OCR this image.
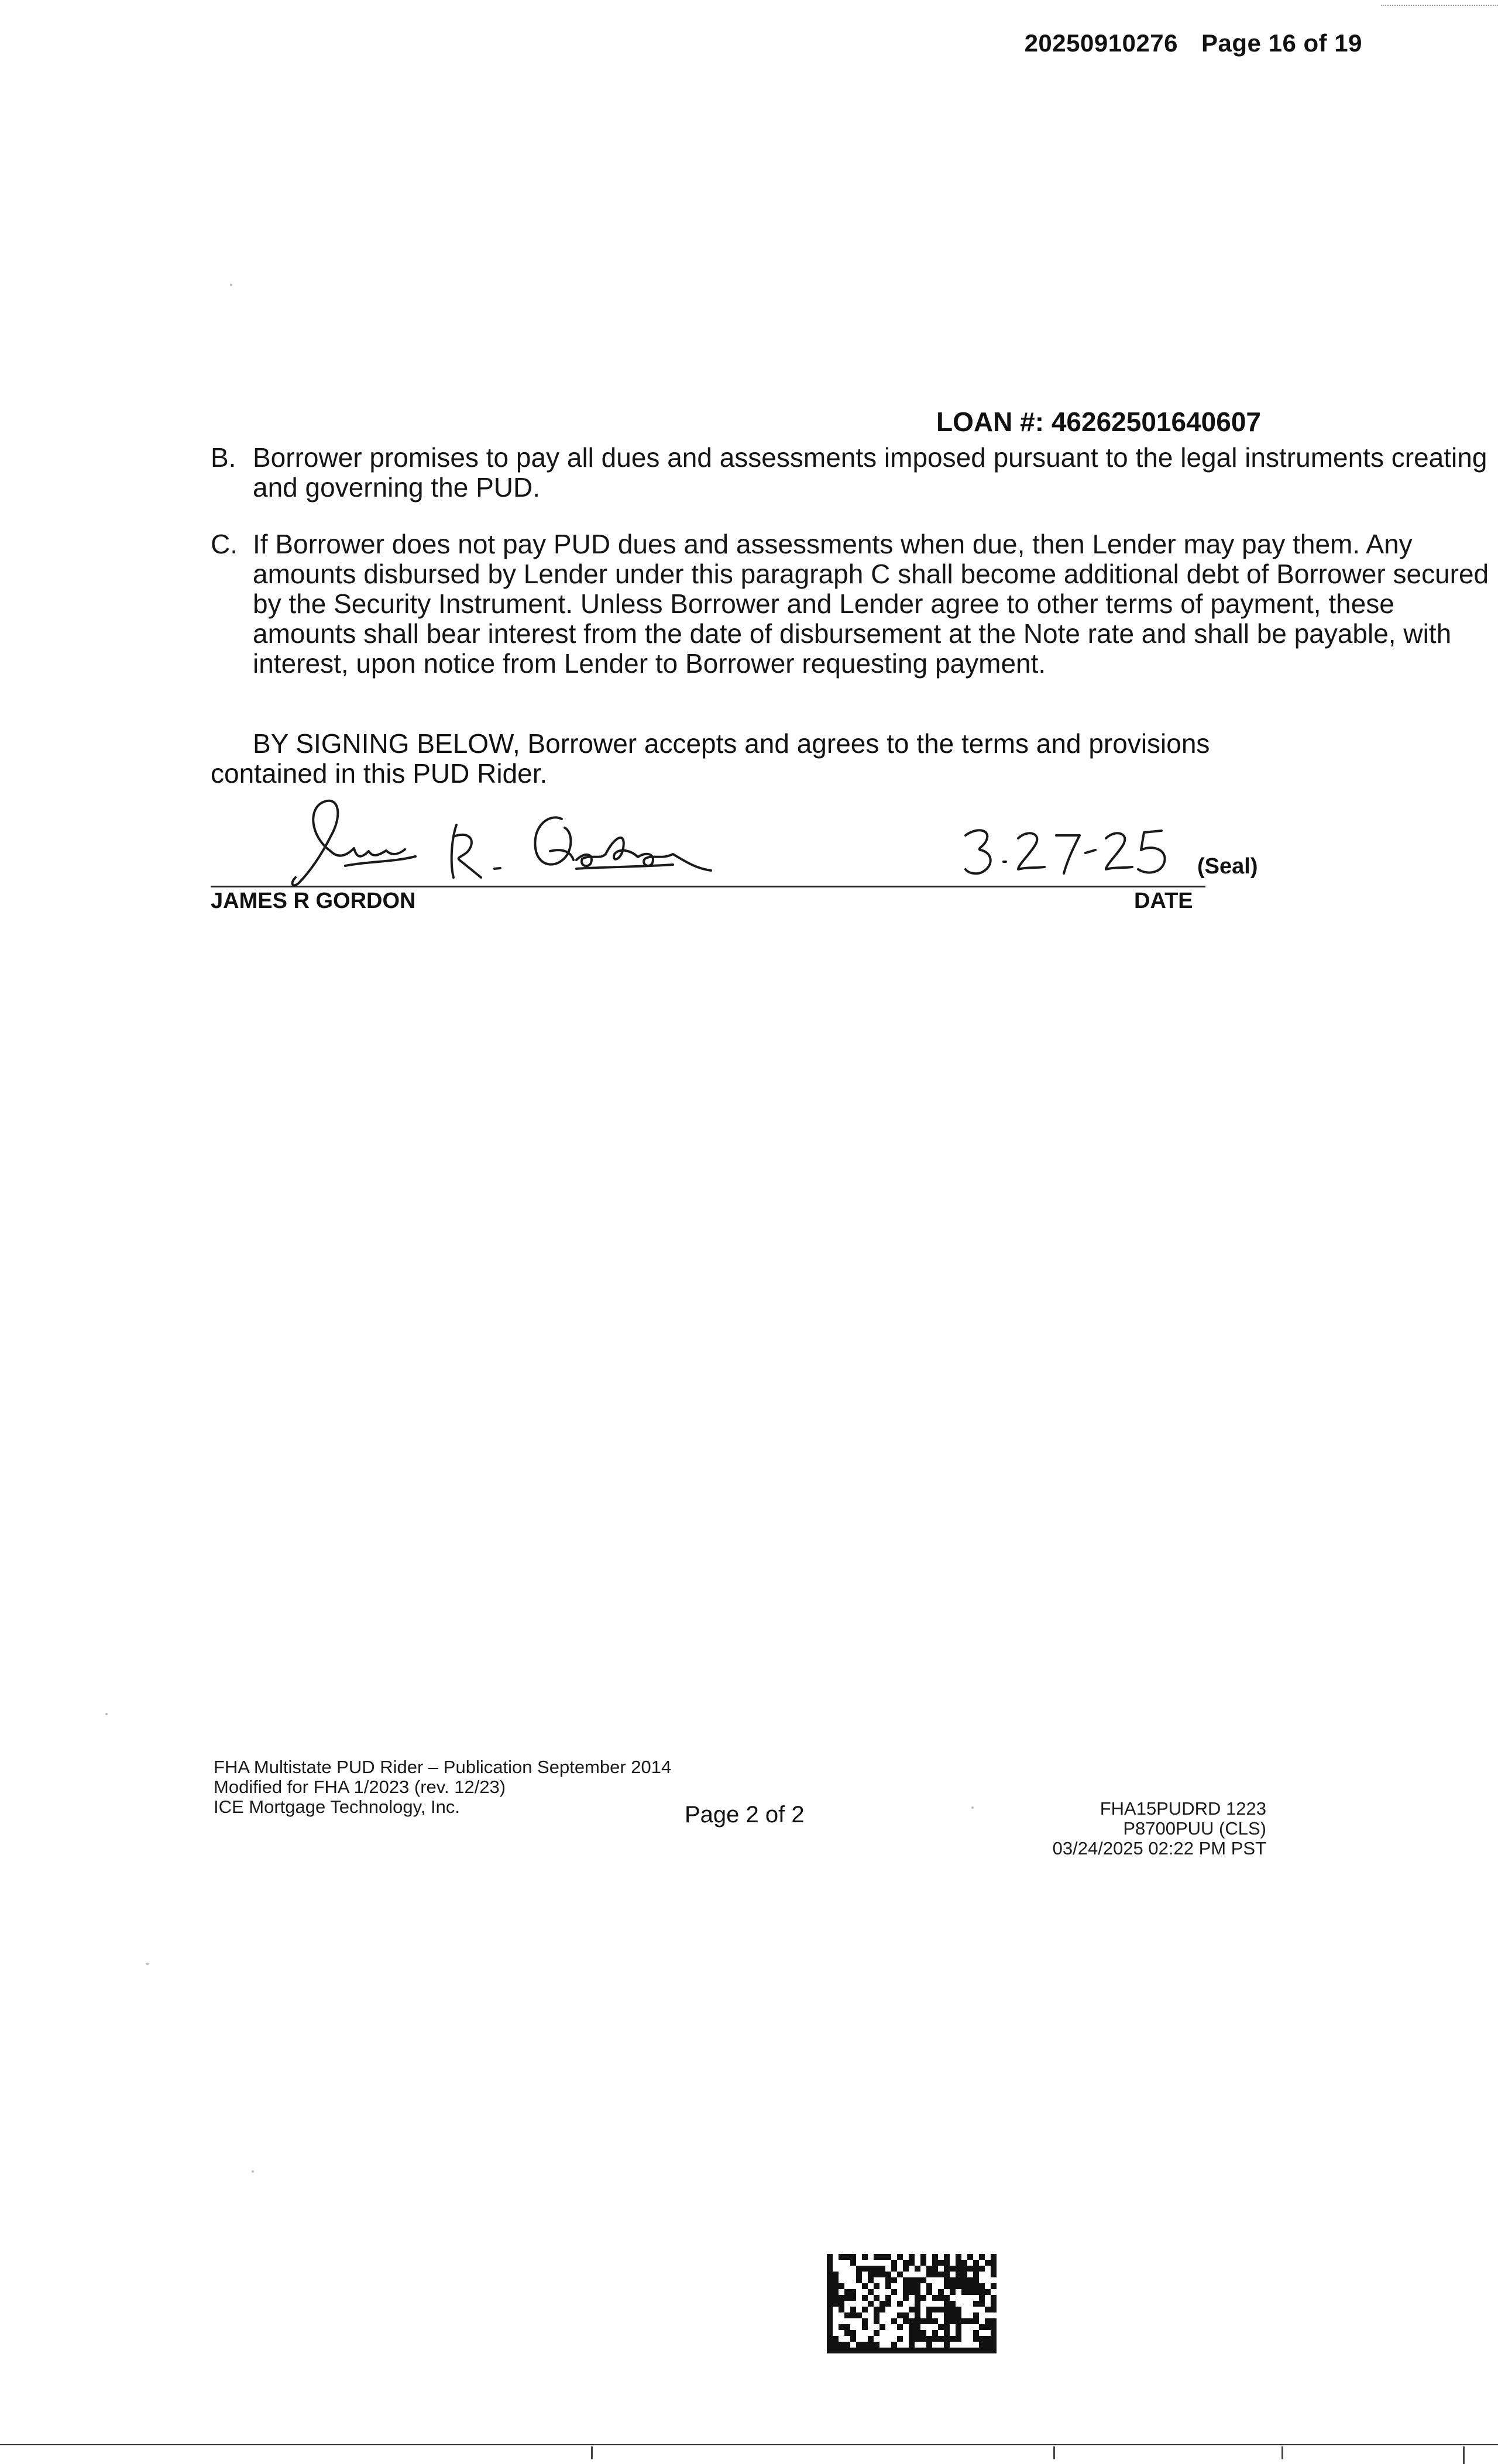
20250910276 Page 16 of 19
LOAN #: 46262501640607
B. Borrower promises to pay all dues and assessments imposed pursuant to the legal instruments creating and governing the PUD.
C. If Borrower does not pay PUD dues and assessments when due, then Lender may pay them. Any amounts disbursed by Lender under this paragraph C shall become additional debt of Borrower secured by the Security Instrument. Unless Borrower and Lender agree to other terms of payment, these amounts shall bear interest from the date of disbursement at the Note rate and shall be payable, with interest, upon notice from Lender to Borrower requesting payment.
BY SIGNING BELOW, Borrower accepts and agrees to the terms and provisions contained in this PUD Rider.
(Seal)
JAMES R GORDON	DATE
FHA Multistate PUD Rider – Publication September 2014
Modified for FHA 1/2023 (rev. 12/23)
ICE Mortgage Technology, Inc.	Page 2 of 2	FHA15PUDRD 1223
P8700PUU (CLS)
03/24/2025 02:22 PM PST
